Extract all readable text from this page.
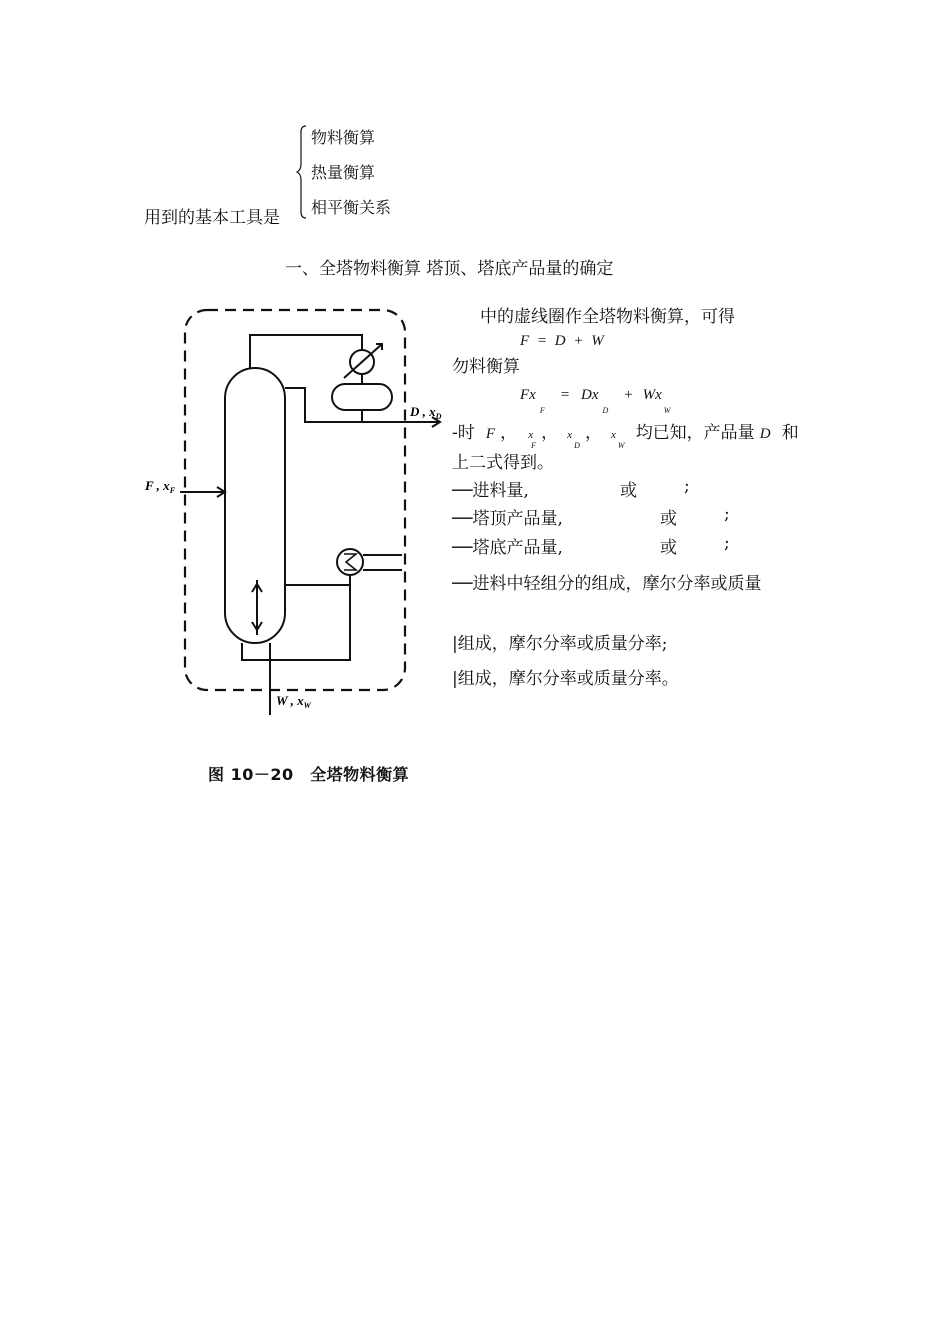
用到的基本工具是
物料衡算
热量衡算
相平衡关系
一、全塔物料衡算 塔顶、塔底产品量的确定
F , $x_F$
D , $x_D$
W , $x_W$
图 10－20　全塔物料衡算
中的虚线圈作全塔物料衡算，可得
F = D + W
勿料衡算
$Fx_F = Dx_D + Wx_W$
-时 F ， $x_F$ ， $x_D$ ， $x_W$ 均已知，产品量 D 和
上二式得到。
──进料量,	或	;
──塔顶产品量,	或	;
──塔底产品量,	或	;
──进料中轻组分的组成，摩尔分率或质量
|组成，摩尔分率或质量分率;
|组成，摩尔分率或质量分率。
